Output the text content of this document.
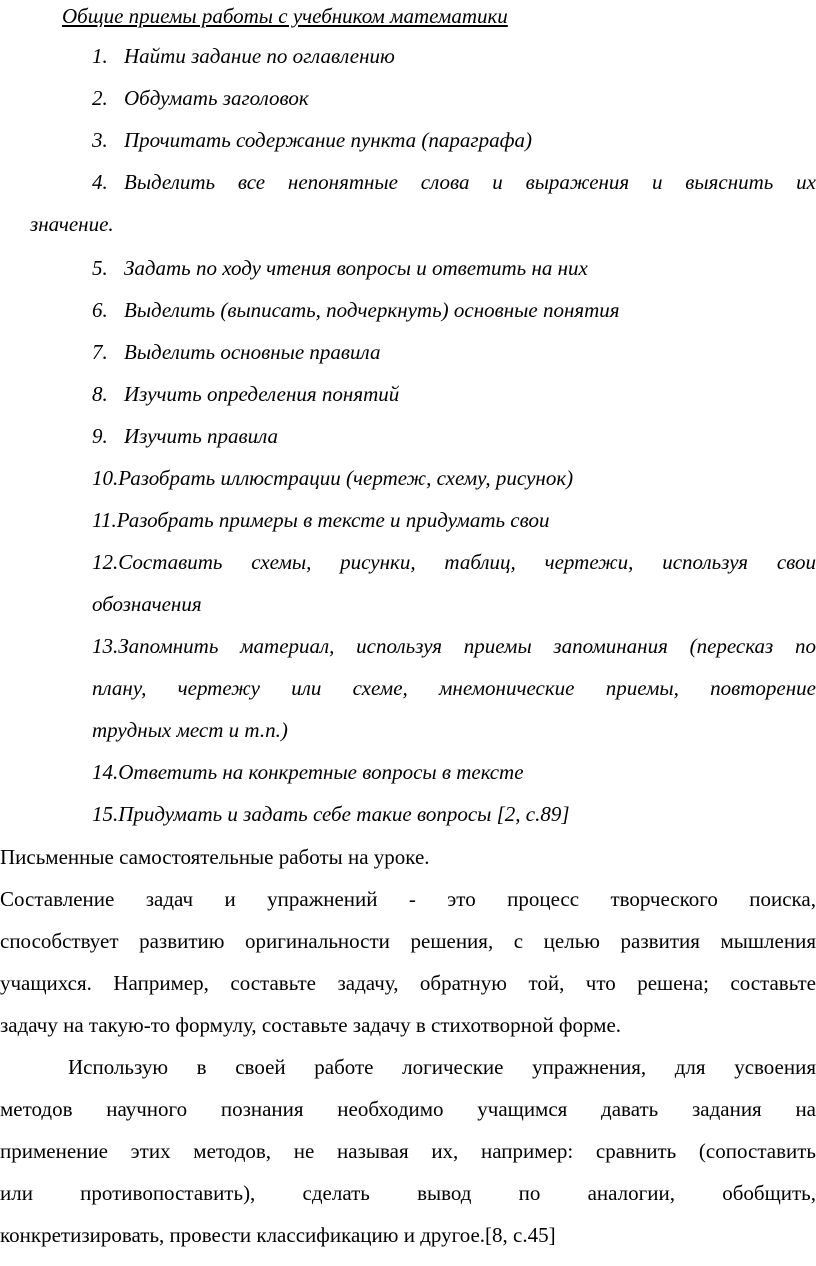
Общие приемы работы с учебником математики
1. Найти задание по оглавлению
2. Обдумать заголовок
3. Прочитать содержание пункта (параграфа)
4. Выделить все непонятные слова и выражения и выяснить их
значение.
5. Задать по ходу чтения вопросы и ответить на них
6. Выделить (выписать, подчеркнуть) основные понятия
7. Выделить основные правила
8. Изучить определения понятий
9. Изучить правила
10.Разобрать иллюстрации (чертеж, схему, рисунок)
11.Разобрать примеры в тексте и придумать свои
12.Составить схемы, рисунки, таблиц, чертежи, используя свои
обозначения
13.Запомнить материал, используя приемы запоминания (пересказ по
плану, чертежу или схеме, мнемонические приемы, повторение
трудных мест и т.п.)
14.Ответить на конкретные вопросы в тексте
15.Придумать и задать себе такие вопросы [2, с.89]
Письменные самостоятельные работы на уроке.
Составление задач и упражнений - это процесс творческого поиска,
способствует развитию оригинальности решения, с целью развития мышления
учащихся. Например, составьте задачу, обратную той, что решена; составьте
задачу на такую-то формулу, составьте задачу в стихотворной форме.
Использую в своей работе логические упражнения, для усвоения
методов научного познания необходимо учащимся давать задания на
применение этих методов, не называя их, например: сравнить (сопоставить
или противопоставить), сделать вывод по аналогии, обобщить,
конкретизировать, провести классификацию и другое.[8, с.45]
